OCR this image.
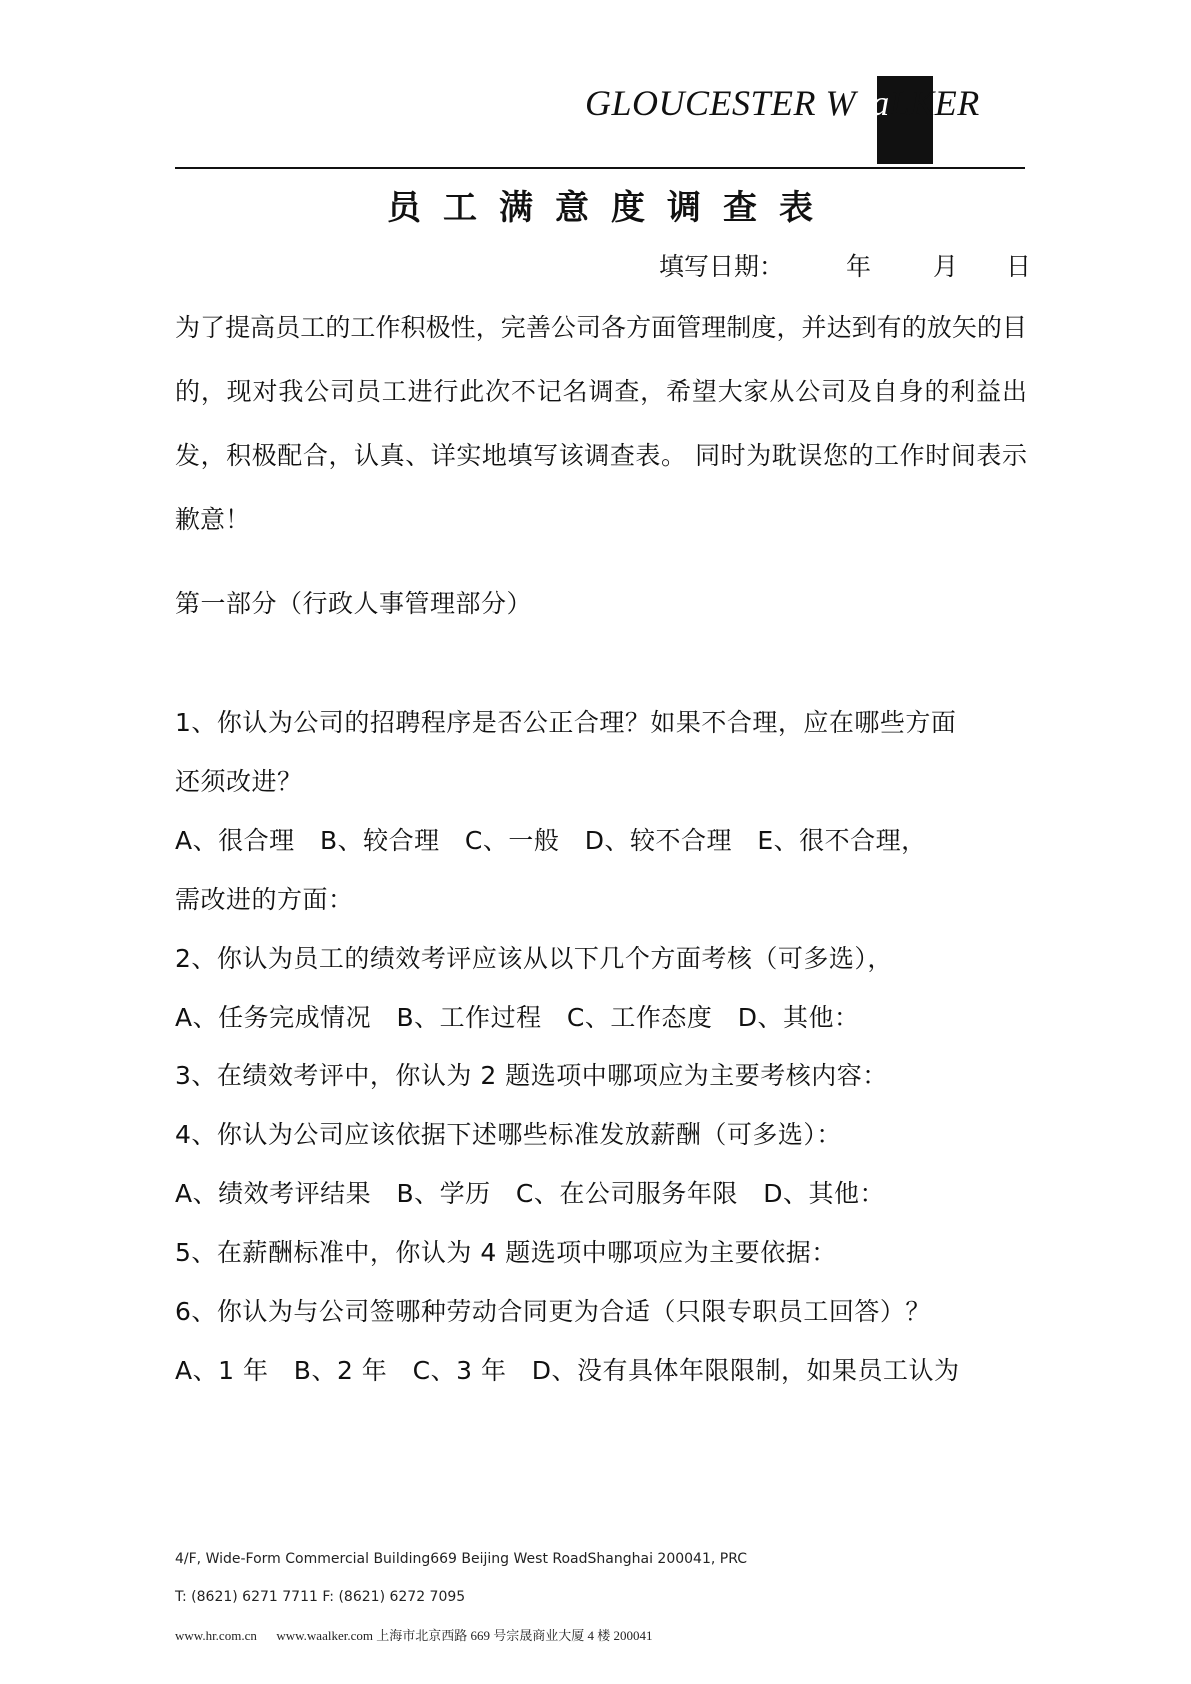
GLOUCESTER WaaLKER
员工满意度调查表
填写日期： 年 月 日
为了提高员工的工作积极性，完善公司各方面管理制度，并达到有的放矢的目的，现对我公司员工进行此次不记名调查，希望大家从公司及自身的利益出发，积极配合，认真、详实地填写该调查表。 同时为耽误您的工作时间表示歉意！
第一部分（行政人事管理部分）
1、你认为公司的招聘程序是否公正合理？如果不合理，应在哪些方面
还须改进？
A、很合理   B、较合理   C、一般   D、较不合理   E、很不合理，
需改进的方面：
2、你认为员工的绩效考评应该从以下几个方面考核（可多选），
A、任务完成情况   B、工作过程   C、工作态度   D、其他：
3、在绩效考评中，你认为 2 题选项中哪项应为主要考核内容：
4、你认为公司应该依据下述哪些标准发放薪酬（可多选）：
A、绩效考评结果   B、学历   C、在公司服务年限   D、其他：
5、在薪酬标准中，你认为 4 题选项中哪项应为主要依据：
6、你认为与公司签哪种劳动合同更为合适（只限专职员工回答）？
A、1 年   B、2 年   C、3 年   D、没有具体年限限制，如果员工认为

4/F, Wide-Form Commercial Building669 Beijing West RoadShanghai 200041, PRC

T: (8621) 6271 7711 F: (8621) 6272 7095

www.hr.com.cn      www.waalker.com 上海市北京西路 669 号宗晟商业大厦 4 楼 200041
